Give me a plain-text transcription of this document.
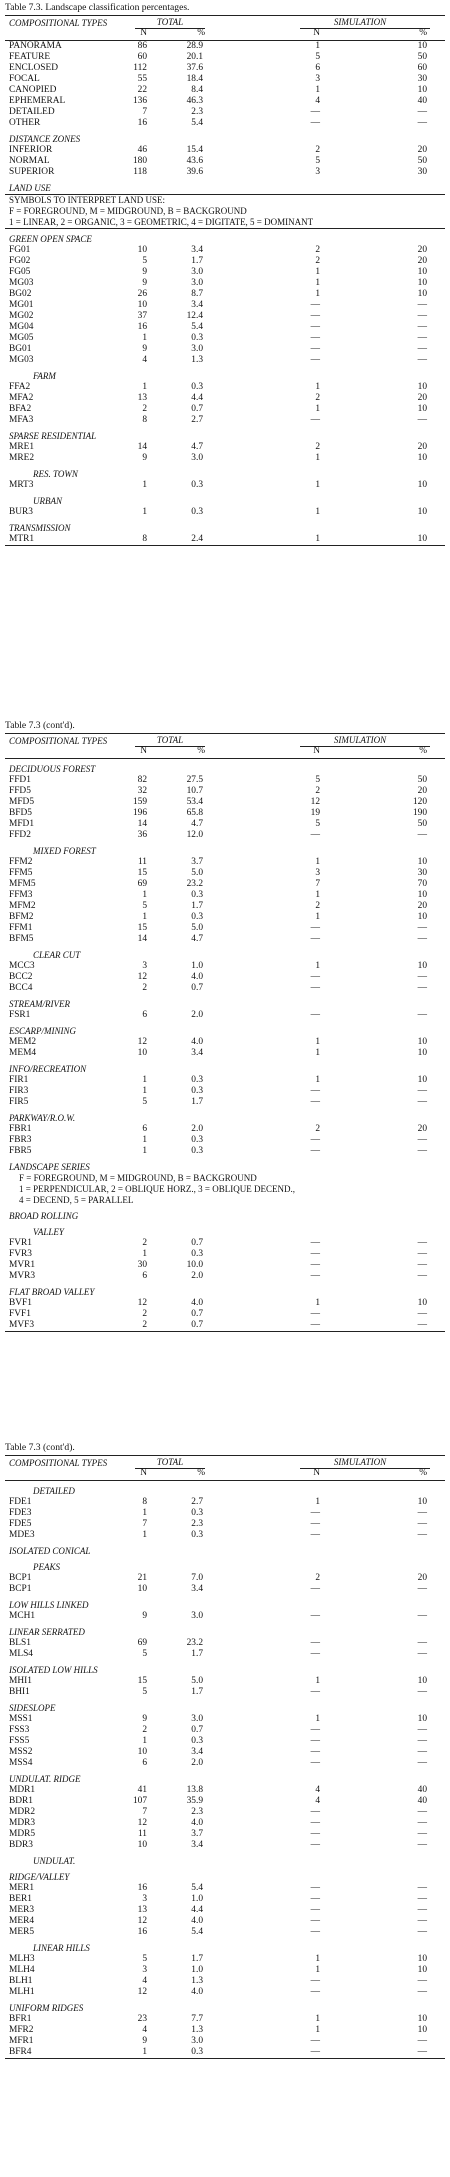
Table 7.3. Landscape classification percentages.
COMPOSITIONAL TYPES	TOTAL	SIMULATION
N	%	N	%
PANORAMA	86	28.9	1	10
FEATURE	60	20.1	5	50
ENCLOSED	112	37.6	6	60
FOCAL	55	18.4	3	30
CANOPIED	22	8.4	1	10
EPHEMERAL	136	46.3	4	40
DETAILED	7	2.3	—	—
OTHER	16	5.4	—	—
DISTANCE ZONES
INFERIOR	46	15.4	2	20
NORMAL	180	43.6	5	50
SUPERIOR	118	39.6	3	30
LAND USE
SYMBOLS TO INTERPRET LAND USE:
F = FOREGROUND, M = MIDGROUND, B = BACKGROUND
1 = LINEAR, 2 = ORGANIC, 3 = GEOMETRIC, 4 = DIGITATE, 5 = DOMINANT
GREEN OPEN SPACE
FG01	10	3.4	2	20
FG02	5	1.7	2	20
FG05	9	3.0	1	10
MG03	9	3.0	1	10
BG02	26	8.7	1	10
MG01	10	3.4	—	—
MG02	37	12.4	—	—
MG04	16	5.4	—	—
MG05	1	0.3	—	—
BG01	9	3.0	—	—
MG03	4	1.3	—	—
FARM
FFA2	1	0.3	1	10
MFA2	13	4.4	2	20
BFA2	2	0.7	1	10
MFA3	8	2.7	—	—
SPARSE RESIDENTIAL
MRE1	14	4.7	2	20
MRE2	9	3.0	1	10
RES. TOWN
MRT3	1	0.3	1	10
URBAN
BUR3	1	0.3	1	10
TRANSMISSION
MTR1	8	2.4	1	10
Table 7.3 (cont'd).
COMPOSITIONAL TYPES	TOTAL	SIMULATION
N	%	N	%
DECIDUOUS FOREST
FFD1	82	27.5	5	50
FFD5	32	10.7	2	20
MFD5	159	53.4	12	120
BFD5	196	65.8	19	190
MFD1	14	4.7	5	50
FFD2	36	12.0	—	—
MIXED FOREST
FFM2	11	3.7	1	10
FFM5	15	5.0	3	30
MFM5	69	23.2	7	70
FFM3	1	0.3	1	10
MFM2	5	1.7	2	20
BFM2	1	0.3	1	10
FFM1	15	5.0	—	—
BFM5	14	4.7	—	—
CLEAR CUT
MCC3	3	1.0	1	10
BCC2	12	4.0	—	—
BCC4	2	0.7	—	—
STREAM/RIVER
FSR1	6	2.0	—	—
ESCARP/MINING
MEM2	12	4.0	1	10
MEM4	10	3.4	1	10
INFO/RECREATION
FIR1	1	0.3	1	10
FIR3	1	0.3	—	—
FIR5	5	1.7	—	—
PARKWAY/R.O.W.
FBR1	6	2.0	2	20
FBR3	1	0.3	—	—
FBR5	1	0.3	—	—
LANDSCAPE SERIES
F = FOREGROUND, M = MIDGROUND, B = BACKGROUND
1 = PERPENDICULAR, 2 = OBLIQUE HORZ., 3 = OBLIQUE DECEND.,
4 = DECEND, 5 = PARALLEL
BROAD ROLLING
VALLEY
FVR1	2	0.7	—	—
FVR3	1	0.3	—	—
MVR1	30	10.0	—	—
MVR3	6	2.0	—	—
FLAT BROAD VALLEY
BVF1	12	4.0	1	10
FVF1	2	0.7	—	—
MVF3	2	0.7	—	—
Table 7.3 (cont'd).
COMPOSITIONAL TYPES	TOTAL	SIMULATION
N	%	N	%
DETAILED
FDE1	8	2.7	1	10
FDE3	1	0.3	—	—
FDE5	7	2.3	—	—
MDE3	1	0.3	—	—
ISOLATED CONICAL
PEAKS
BCP1	21	7.0	2	20
BCP1	10	3.4	—	—
LOW HILLS LINKED
MCH1	9	3.0	—	—
LINEAR SERRATED
BLS1	69	23.2	—	—
MLS4	5	1.7	—	—
ISOLATED LOW HILLS
MHI1	15	5.0	1	10
BHI1	5	1.7	—	—
SIDESLOPE
MSS1	9	3.0	1	10
FSS3	2	0.7	—	—
FSS5	1	0.3	—	—
MSS2	10	3.4	—	—
MSS4	6	2.0	—	—
UNDULAT. RIDGE
MDR1	41	13.8	4	40
BDR1	107	35.9	4	40
MDR2	7	2.3	—	—
MDR3	12	4.0	—	—
MDR5	11	3.7	—	—
BDR3	10	3.4	—	—
UNDULAT.
RIDGE/VALLEY
MER1	16	5.4	—	—
BER1	3	1.0	—	—
MER3	13	4.4	—	—
MER4	12	4.0	—	—
MER5	16	5.4	—	—
LINEAR HILLS
MLH3	5	1.7	1	10
MLH4	3	1.0	1	10
BLH1	4	1.3	—	—
MLH1	12	4.0	—	—
UNIFORM RIDGES
BFR1	23	7.7	1	10
MFR2	4	1.3	1	10
MFR1	9	3.0	—	—
BFR4	1	0.3	—	—
